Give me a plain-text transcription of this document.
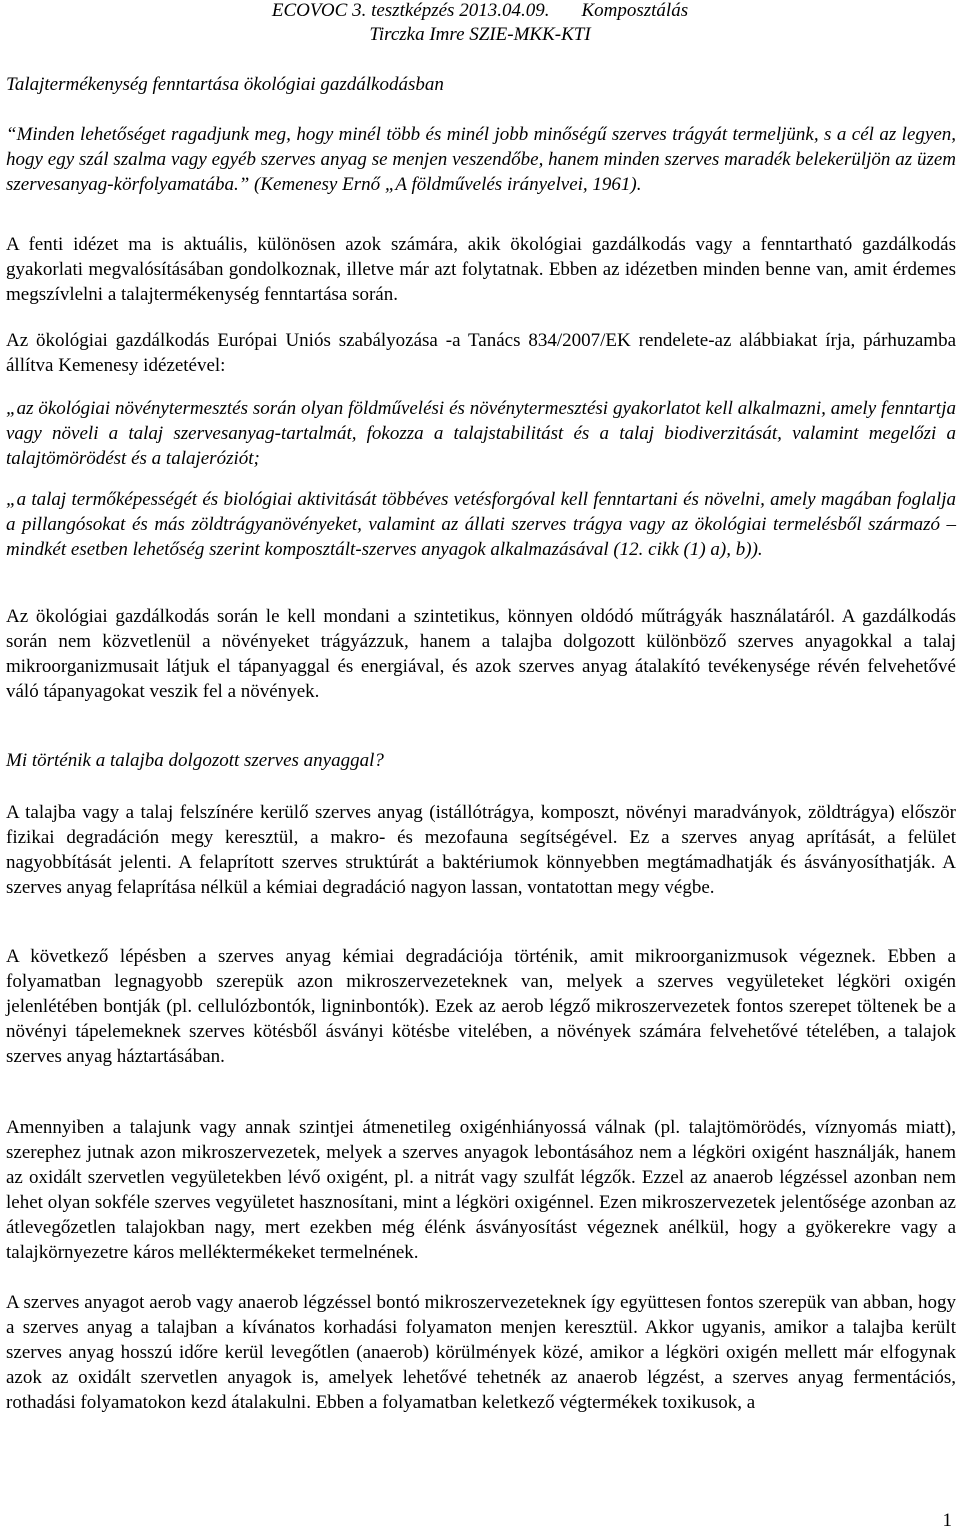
ECOVOC 3. tesztképzés 2013.04.09. Komposztálás
Tirczka Imre SZIE-MKK-KTI

Talajtermékenység fenntartása ökológiai gazdálkodásban

“Minden lehetőséget ragadjunk meg, hogy minél több és minél jobb minőségű szerves trágyát termeljünk, s a cél az legyen, hogy egy szál szalma vagy egyéb szerves anyag se menjen veszendőbe, hanem minden szerves maradék belekerüljön az üzem szervesanyag-körfolyamatába.” (Kemenesy Ernő „A földművelés irányelvei, 1961).

A fenti idézet ma is aktuális, különösen azok számára, akik ökológiai gazdálkodás vagy a fenntartható gazdálkodás gyakorlati megvalósításában gondolkoznak, illetve már azt folytatnak. Ebben az idézetben minden benne van, amit érdemes megszívlelni a talajtermékenység fenntartása során.

Az ökológiai gazdálkodás Európai Uniós szabályozása -a Tanács 834/2007/EK rendelete-az alábbiakat írja, párhuzamba állítva Kemenesy idézetével:

„az ökológiai növénytermesztés során olyan földművelési és növénytermesztési gyakorlatot kell alkalmazni, amely fenntartja vagy növeli a talaj szervesanyag-tartalmát, fokozza a talajstabilitást és a talaj biodiverzitását, valamint megelőzi a talajtömörödést és a talajeróziót;

„a talaj termőképességét és biológiai aktivitását többéves vetésforgóval kell fenntartani és növelni, amely magában foglalja a pillangósokat és más zöldtrágyanövényeket, valamint az állati szerves trágya vagy az ökológiai termelésből származó –mindkét esetben lehetőség szerint komposztált-szerves anyagok alkalmazásával (12. cikk (1) a), b)).

Az ökológiai gazdálkodás során le kell mondani a szintetikus, könnyen oldódó műtrágyák használatáról. A gazdálkodás során nem közvetlenül a növényeket trágyázzuk, hanem a talajba dolgozott különböző szerves anyagokkal a talaj mikroorganizmusait látjuk el tápanyaggal és energiával, és azok szerves anyag átalakító tevékenysége révén felvehetővé váló tápanyagokat veszik fel a növények.

Mi történik a talajba dolgozott szerves anyaggal?

A talajba vagy a talaj felszínére kerülő szerves anyag (istállótrágya, komposzt, növényi maradványok, zöldtrágya) először fizikai degradáción megy keresztül, a makro- és mezofauna segítségével. Ez a szerves anyag aprítását, a felület nagyobbítását jelenti. A felaprított szerves struktúrát a baktériumok könnyebben megtámadhatják és ásványosíthatják. A szerves anyag felaprítása nélkül a kémiai degradáció nagyon lassan, vontatottan megy végbe.

A következő lépésben a szerves anyag kémiai degradációja történik, amit mikroorganizmusok végeznek. Ebben a folyamatban legnagyobb szerepük azon mikroszervezeteknek van, melyek a szerves vegyületeket légköri oxigén jelenlétében bontják (pl. cellulózbontók, ligninbontók). Ezek az aerob légző mikroszervezetek fontos szerepet töltenek be a növényi tápelemeknek szerves kötésből ásványi kötésbe vitelében, a növények számára felvehetővé tételében, a talajok szerves anyag háztartásában.

Amennyiben a talajunk vagy annak szintjei átmenetileg oxigénhiányossá válnak (pl. talajtömörödés, víznyomás miatt), szerephez jutnak azon mikroszervezetek, melyek a szerves anyagok lebontásához nem a légköri oxigént használják, hanem az oxidált szervetlen vegyületekben lévő oxigént, pl. a nitrát vagy szulfát légzők. Ezzel az anaerob légzéssel azonban nem lehet olyan sokféle szerves vegyületet hasznosítani, mint a légköri oxigénnel. Ezen mikroszervezetek jelentősége azonban az átlevegőzetlen talajokban nagy, mert ezekben még élénk ásványosítást végeznek anélkül, hogy a gyökerekre vagy a talajkörnyezetre káros melléktermékeket termelnének.

A szerves anyagot aerob vagy anaerob légzéssel bontó mikroszervezeteknek így együttesen fontos szerepük van abban, hogy a szerves anyag a talajban a kívánatos korhadási folyamaton menjen keresztül. Akkor ugyanis, amikor a talajba került szerves anyag hosszú időre kerül levegőtlen (anaerob) körülmények közé, amikor a légköri oxigén mellett már elfogynak azok az oxidált szervetlen anyagok is, amelyek lehetővé tehetnék az anaerob légzést, a szerves anyag fermentációs, rothadási folyamatokon kezd átalakulni. Ebben a folyamatban keletkező végtermékek toxikusok, a

1
